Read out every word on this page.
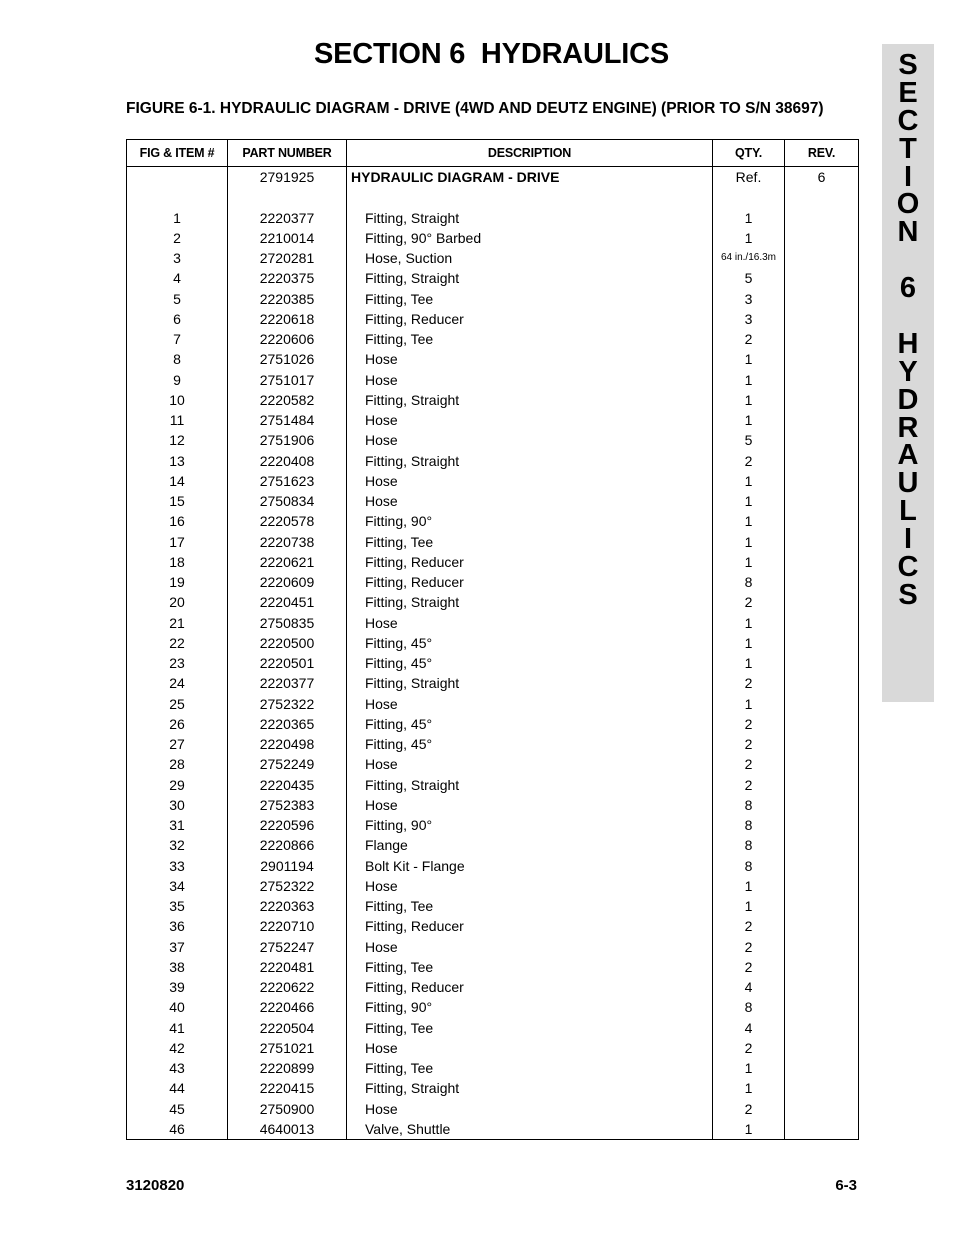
SECTION 6  HYDRAULICS
FIGURE 6-1. HYDRAULIC DIAGRAM - DRIVE (4WD AND DEUTZ ENGINE) (PRIOR TO S/N 38697)
S
E
C
T
I
O
N
6
H
Y
D
R
A
U
L
I
C
S
FIG & ITEM #	PART NUMBER	DESCRIPTION	QTY.	REV.
	2791925	HYDRAULIC DIAGRAM - DRIVE	Ref.	6

1	2220377	Fitting, Straight	1	
2	2210014	Fitting, 90° Barbed	1	
3	2720281	Hose, Suction	64 in./16.3m	
4	2220375	Fitting, Straight	5	
5	2220385	Fitting, Tee	3	
6	2220618	Fitting, Reducer	3	
7	2220606	Fitting, Tee	2	
8	2751026	Hose	1	
9	2751017	Hose	1	
10	2220582	Fitting, Straight	1	
11	2751484	Hose	1	
12	2751906	Hose	5	
13	2220408	Fitting, Straight	2	
14	2751623	Hose	1	
15	2750834	Hose	1	
16	2220578	Fitting, 90°	1	
17	2220738	Fitting, Tee	1	
18	2220621	Fitting, Reducer	1	
19	2220609	Fitting, Reducer	8	
20	2220451	Fitting, Straight	2	
21	2750835	Hose	1	
22	2220500	Fitting, 45°	1	
23	2220501	Fitting, 45°	1	
24	2220377	Fitting, Straight	2	
25	2752322	Hose	1	
26	2220365	Fitting, 45°	2	
27	2220498	Fitting, 45°	2	
28	2752249	Hose	2	
29	2220435	Fitting, Straight	2	
30	2752383	Hose	8	
31	2220596	Fitting, 90°	8	
32	2220866	Flange	8	
33	2901194	Bolt Kit - Flange	8	
34	2752322	Hose	1	
35	2220363	Fitting, Tee	1	
36	2220710	Fitting, Reducer	2	
37	2752247	Hose	2	
38	2220481	Fitting, Tee	2	
39	2220622	Fitting, Reducer	4	
40	2220466	Fitting, 90°	8	
41	2220504	Fitting, Tee	4	
42	2751021	Hose	2	
43	2220899	Fitting, Tee	1	
44	2220415	Fitting, Straight	1	
45	2750900	Hose	2	
46	4640013	Valve, Shuttle	1	
3120820	6-3
